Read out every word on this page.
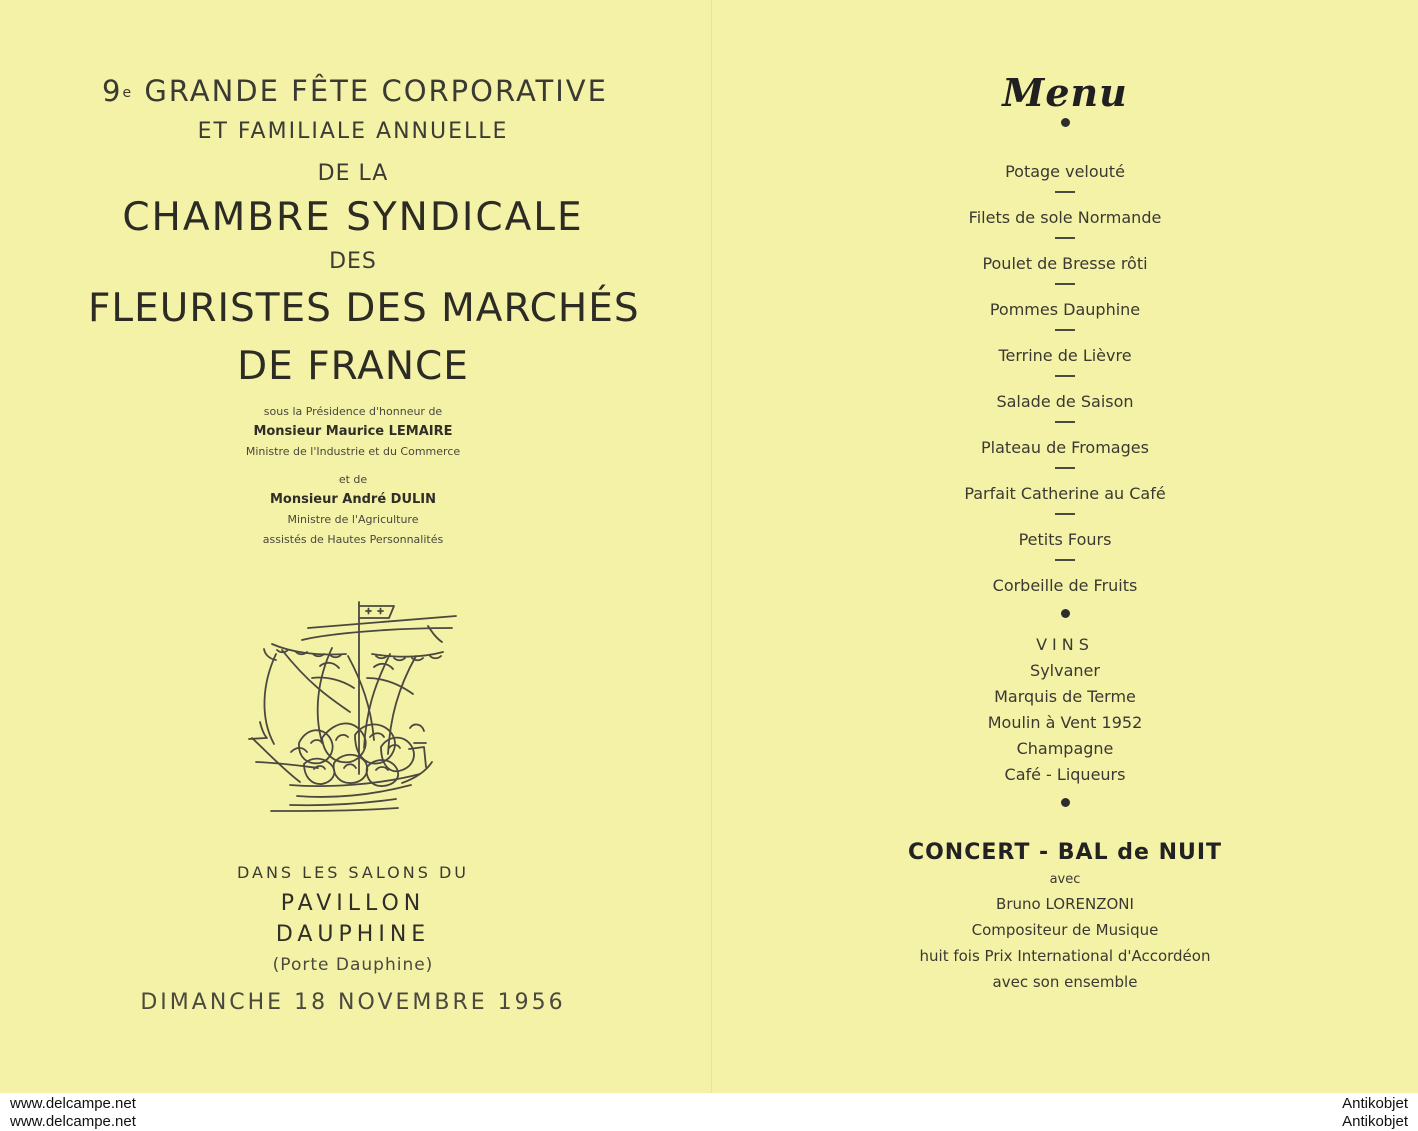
9e GRANDE FÊTE CORPORATIVE
ET FAMILIALE ANNUELLE
DE LA
CHAMBRE SYNDICALE
DES
FLEURISTES DES MARCHÉS
DE FRANCE
sous la Présidence d'honneur de
Monsieur Maurice LEMAIRE
Ministre de l'Industrie et du Commerce
et de
Monsieur André DULIN
Ministre de l'Agriculture
assistés de Hautes Personnalités
DANS LES SALONS DU
PAVILLON
DAUPHINE
(Porte Dauphine)
DIMANCHE 18 NOVEMBRE 1956
Menu
Potage velouté
Filets de sole Normande
Poulet de Bresse rôti
Pommes Dauphine
Terrine de Lièvre
Salade de Saison
Plateau de Fromages
Parfait Catherine au Café
Petits Fours
Corbeille de Fruits
VINS
Sylvaner
Marquis de Terme
Moulin à Vent 1952
Champagne
Café - Liqueurs
CONCERT - BAL de NUIT
avec
Bruno LORENZONI
Compositeur de Musique
huit fois Prix International d'Accordéon
avec son ensemble
www.delcampe.net
www.delcampe.net
Antikobjet
Antikobjet
